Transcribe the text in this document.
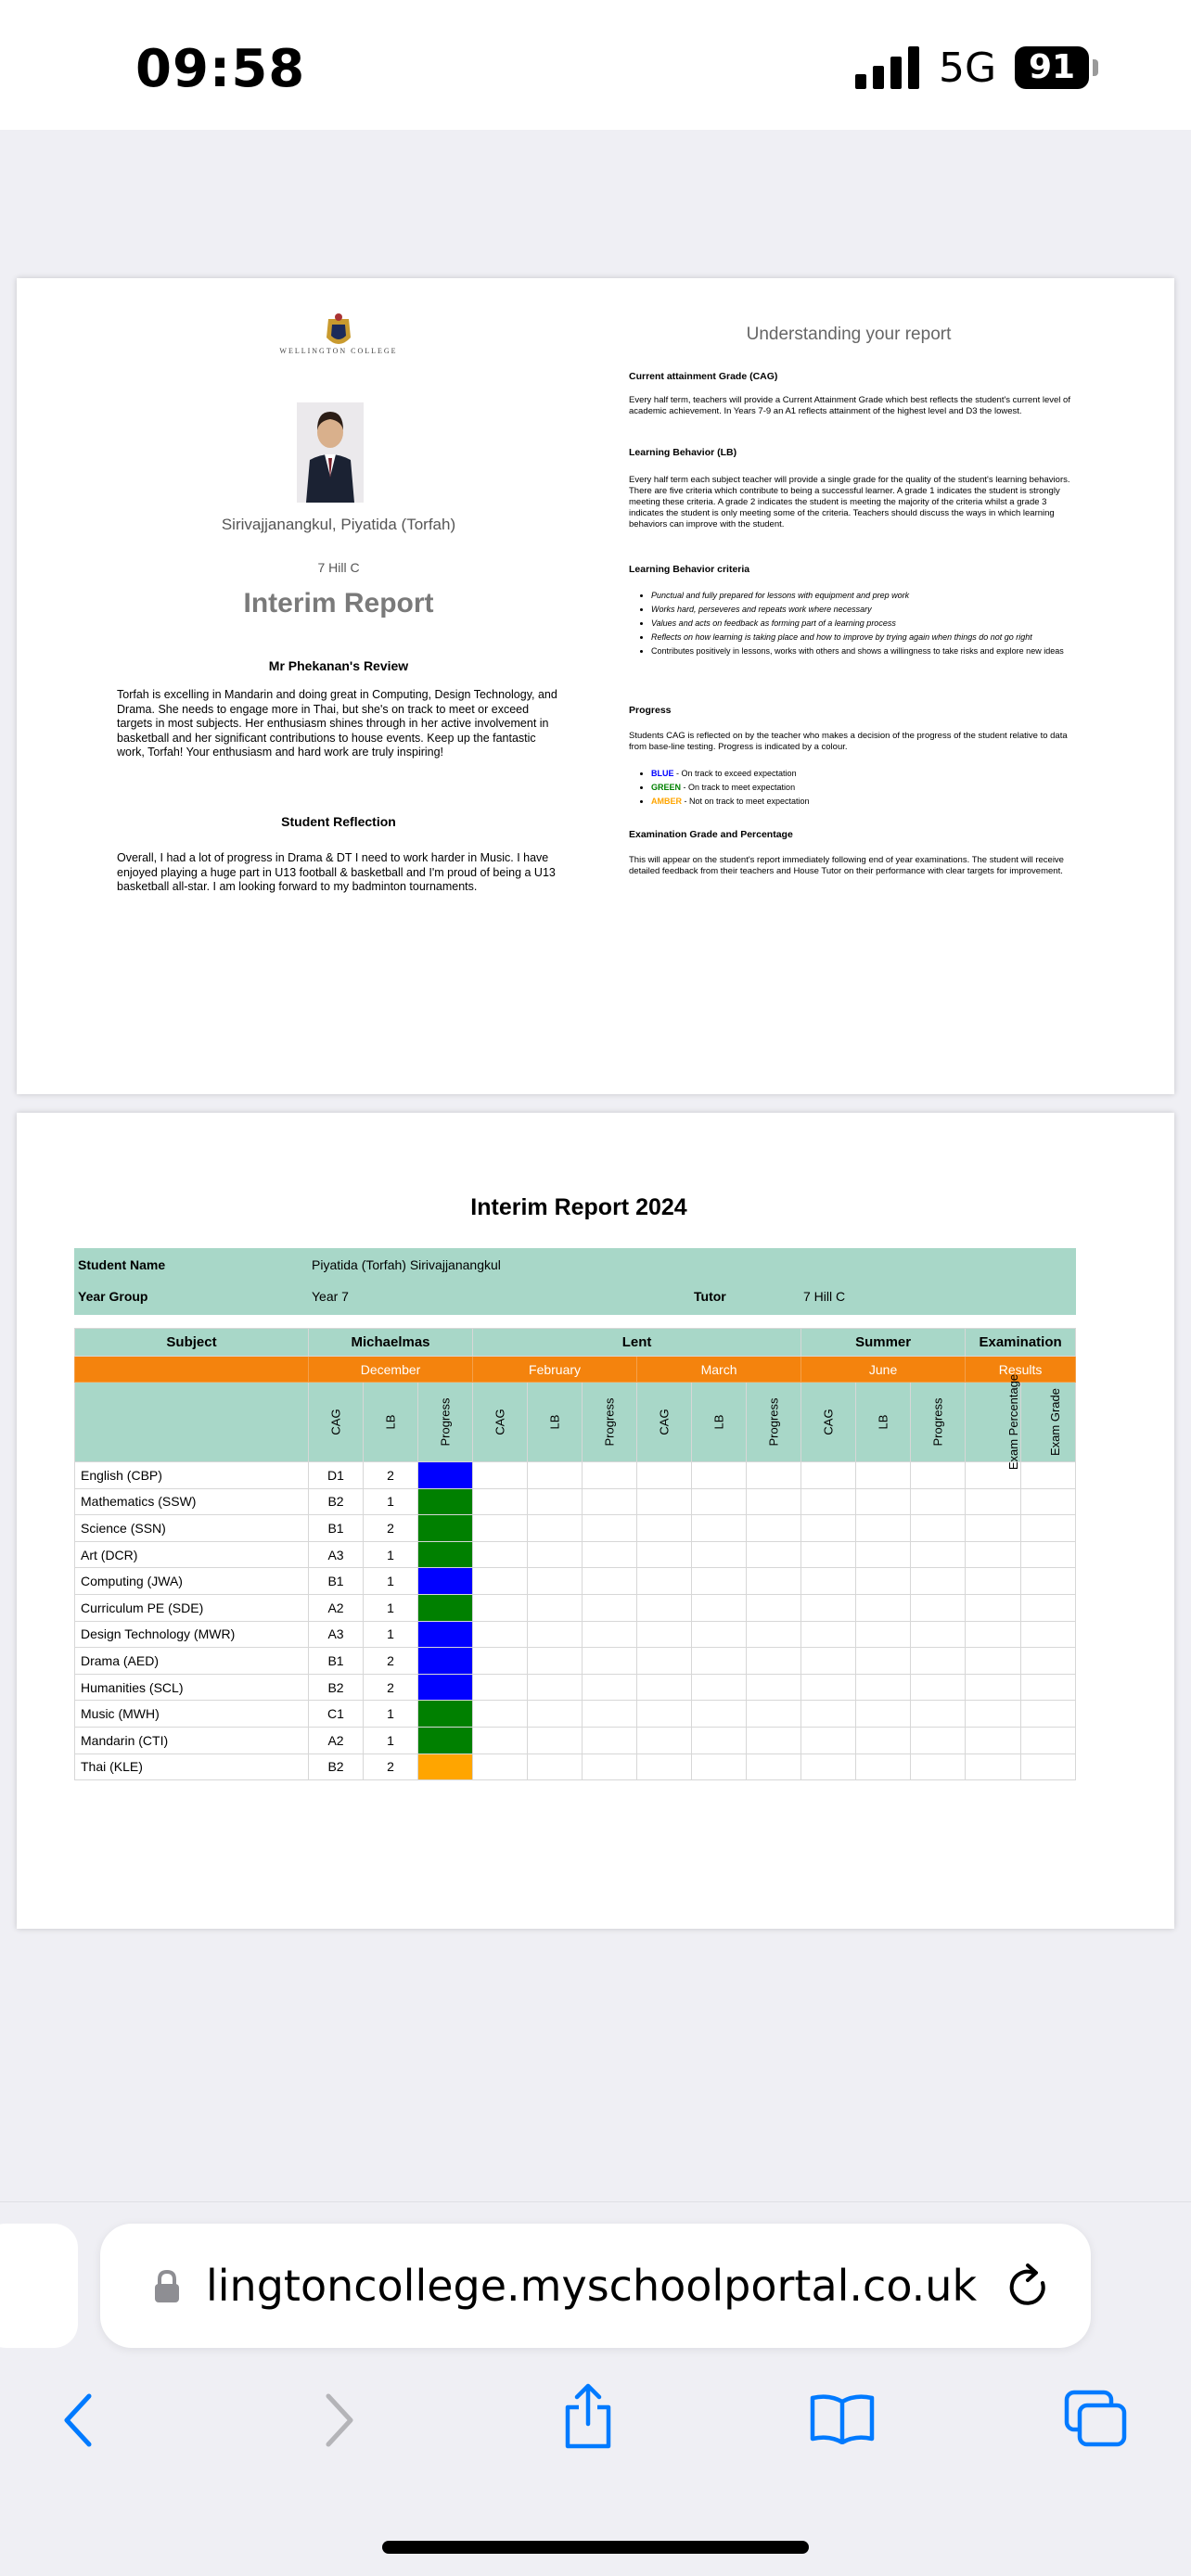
09:58	5G 91
WELLINGTON COLLEGE
Sirivajjanangkul, Piyatida (Torfah)
7 Hill C
Interim Report
Mr Phekanan's Review
Torfah is excelling in Mandarin and doing great in Computing, Design Technology, and Drama. She needs to engage more in Thai, but she's on track to meet or exceed targets in most subjects. Her enthusiasm shines through in her active involvement in basketball and her significant contributions to house events. Keep up the fantastic work, Torfah! Your enthusiasm and hard work are truly inspiring!
Student Reflection
Overall, I had a lot of progress in Drama & DT I need to work harder in Music. I have enjoyed playing a huge part in U13 football & basketball and I'm proud of being a U13 basketball all-star. I am looking forward to my badminton tournaments.
Understanding your report
Current attainment Grade (CAG)
Every half term, teachers will provide a Current Attainment Grade which best reflects the student's current level of academic achievement. In Years 7-9 an A1 reflects attainment of the highest level and D3 the lowest.
Learning Behavior (LB)
Every half term each subject teacher will provide a single grade for the quality of the student's learning behaviors. There are five criteria which contribute to being a successful learner. A grade 1 indicates the student is strongly meeting these criteria. A grade 2 indicates the student is meeting the majority of the criteria whilst a grade 3 indicates the student is only meeting some of the criteria. Teachers should discuss the ways in which learning behaviors can improve with the student.
Learning Behavior criteria
• Punctual and fully prepared for lessons with equipment and prep work
• Works hard, perseveres and repeats work where necessary
• Values and acts on feedback as forming part of a learning process
• Reflects on how learning is taking place and how to improve by trying again when things do not go right
• Contributes positively in lessons, works with others and shows a willingness to take risks and explore new ideas
Progress
Students CAG is reflected on by the teacher who makes a decision of the progress of the student relative to data from base-line testing. Progress is indicated by a colour.
• BLUE - On track to exceed expectation
• GREEN - On track to meet expectation
• AMBER - Not on track to meet expectation
Examination Grade and Percentage
This will appear on the student's report immediately following end of year examinations. The student will receive detailed feedback from their teachers and House Tutor on their performance with clear targets for improvement.
Interim Report 2024
Student Name	Piyatida (Torfah) Sirivajjanangkul
Year Group	Year 7	Tutor	7 Hill C
Subject	Michaelmas			Lent						Summer			Examination	
	December			February			March			June			Results	
	CAG	LB	Progress	CAG	LB	Progress	CAG	LB	Progress	CAG	LB	Progress	Exam Percentage	Exam Grade
English (CBP)	D1	2												
Mathematics (SSW)	B2	1												
Science (SSN)	B1	2												
Art (DCR)	A3	1												
Computing (JWA)	B1	1												
Curriculum PE (SDE)	A2	1												
Design Technology (MWR)	A3	1												
Drama (AED)	B1	2												
Humanities (SCL)	B2	2												
Music (MWH)	C1	1												
Mandarin (CTI)	A2	1												
Thai (KLE)	B2	2												
lingtoncollege.myschoolportal.co.uk
